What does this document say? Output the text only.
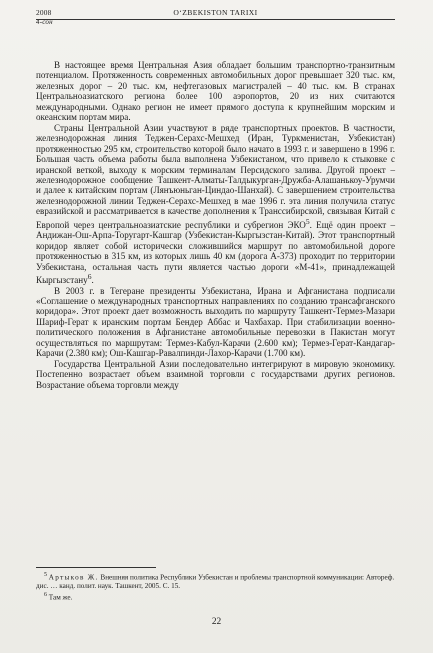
2008
4-сон
O‘ZBEKISTON TARIXI

В настоящее время Центральная Азия обладает большим транспортно-транзитным потенциалом. Протяженность современных автомобильных дорог превышает 320 тыс. км, железных дорог – 20 тыс. км, нефтегазовых магистралей – 40 тыс. км. В странах Центральноазиатского региона более 100 аэропортов, 20 из них считаются международными. Однако регион не имеет прямого доступа к крупнейшим морским и океанским портам мира.

Страны Центральной Азии участвуют в ряде транспортных проектов. В частности, железнодорожная линия Теджен-Серахс-Мешхед (Иран, Туркменистан, Узбекистан) протяженностью 295 км, строительство которой было начато в 1993 г. и завершено в 1996 г. Большая часть объема работы была выполнена Узбекистаном, что привело к стыковке с иранской веткой, выходу к морским терминалам Персидского залива. Другой проект – железнодорожное сообщение Ташкент-Алматы-Талдыкурган-Дружба-Алашанькоу-Урумчи и далее к китайским портам (Лянъюньган-Циндао-Шанхай). С завершением строительства железнодорожной линии Теджен-Серахс-Мешхед в мае 1996 г. эта линия получила статус евразийской и рассматривается в качестве дополнения к Транссибирской, связывая Китай с Европой через центральноазиатские республики и субрегион ЭКО$^5$. Ещё один проект – Андижан-Ош-Арпа-Торугарт-Кашгар (Узбекистан-Кыргызстан-Китай). Этот транспортный коридор являет собой исторически сложившийся маршрут по автомобильной дороге протяженностью в 315 км, из которых лишь 40 км (дорога А-373) проходит по территории Узбекистана, остальная часть пути является частью дороги «М-41», принадлежащей Кыргызстану$^6$.

В 2003 г. в Тегеране президенты Узбекистана, Ирана и Афганистана подписали «Соглашение о международных транспортных направлениях по созданию трансафганского коридора». Этот проект дает возможность выходить по маршруту Ташкент-Термез-Мазари Шариф-Герат к иранским портам Бендер Аббас и Чахбахар. При стабилизации военно-политического положения в Афганистане автомобильные перевозки в Пакистан могут осуществляться по маршрутам: Термез-Кабул-Карачи (2.600 км); Термез-Герат-Кандагар-Карачи (2.380 км); Ош-Кашгар-Равалпинди-Лахор-Карачи (1.700 км).

Государства Центральной Азии последовательно интегрируют в мировую экономику. Постепенно возрастает объем взаимной торговли с государствами других регионов. Возрастание объема торговли между

$^5$ Артыков Ж. Внешняя политика Республики Узбекистан и проблемы транспортной коммуникации: Автореф. дис. … канд. полит. наук. Ташкент, 2005. С. 15.

$^6$ Там же.

22
